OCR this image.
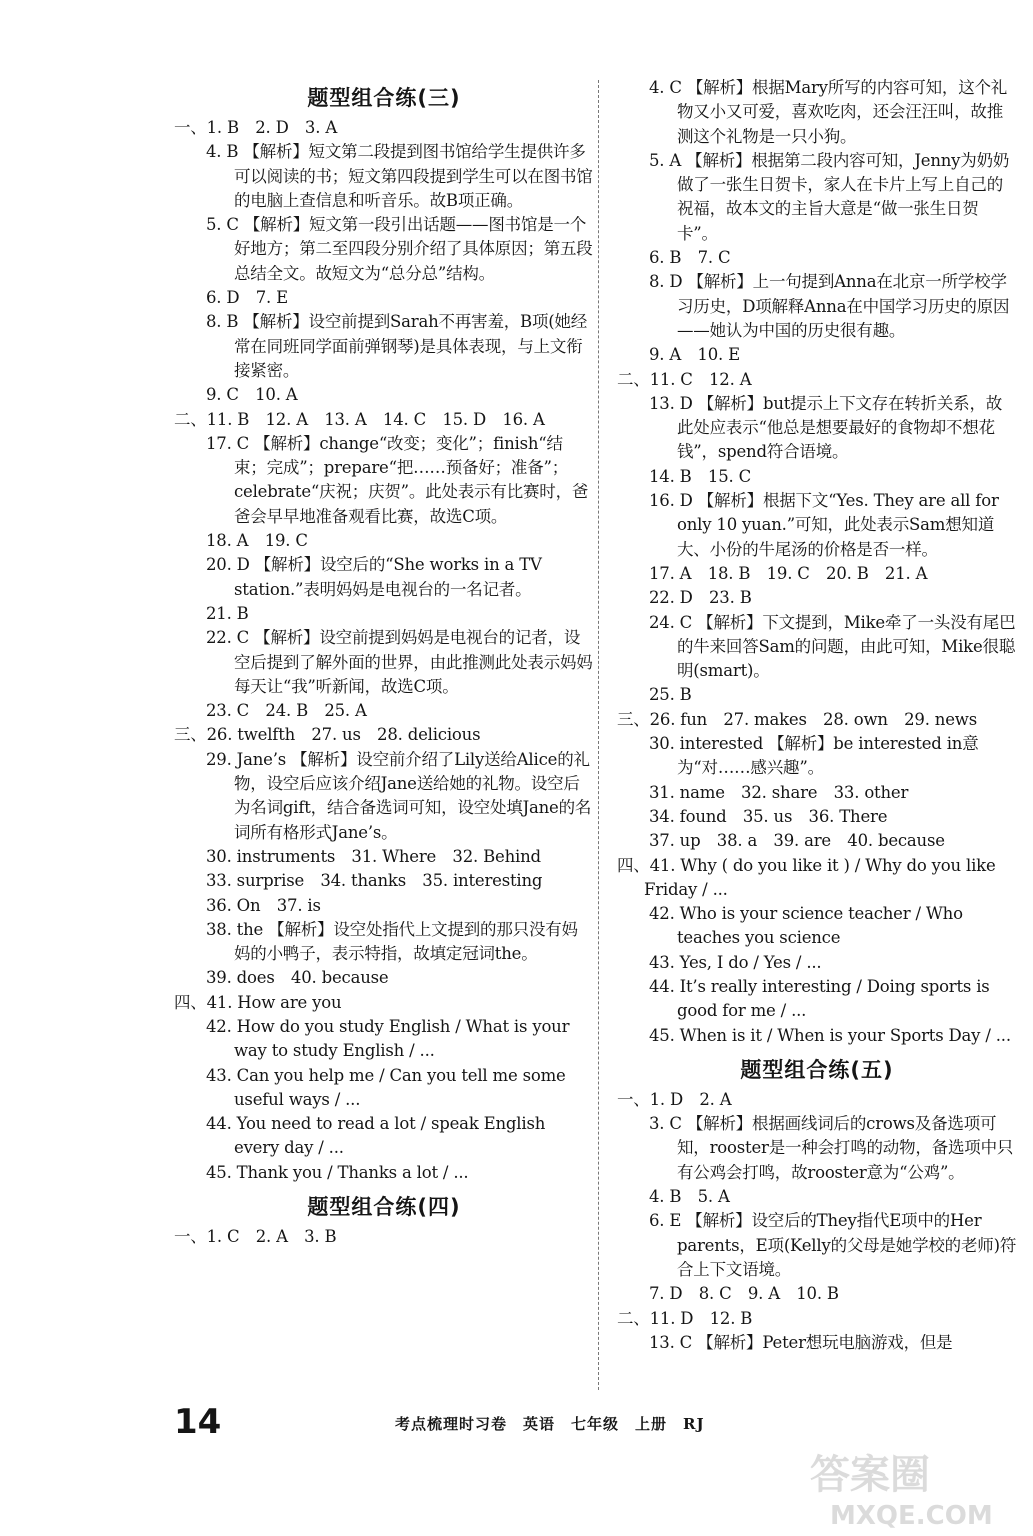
题型组合练(三)
一、1. B　2. D　3. A
4. B 【解析】短文第二段提到图书馆给学生提供许多可以阅读的书；短文第四段提到学生可以在图书馆的电脑上查信息和听音乐。故B项正确。
5. C 【解析】短文第一段引出话题——图书馆是一个好地方；第二至四段分别介绍了具体原因；第五段总结全文。故短文为“总分总”结构。
6. D　7. E
8. B 【解析】设空前提到Sarah不再害羞，B项(她经常在同班同学面前弹钢琴)是具体表现，与上文衔接紧密。
9. C　10. A
二、11. B　12. A　13. A　14. C　15. D　16. A
17. C 【解析】change“改变；变化”；finish“结束；完成”；prepare“把……预备好；准备”；celebrate“庆祝；庆贺”。此处表示有比赛时，爸爸会早早地准备观看比赛，故选C项。
18. A　19. C
20. D 【解析】设空后的“She works in a TV station.”表明妈妈是电视台的一名记者。
21. B
22. C 【解析】设空前提到妈妈是电视台的记者，设空后提到了解外面的世界，由此推测此处表示妈妈每天让“我”听新闻，故选C项。
23. C　24. B　25. A
三、26. twelfth　27. us　28. delicious
29. Jane’s 【解析】设空前介绍了Lily送给Alice的礼物，设空后应该介绍Jane送给她的礼物。设空后为名词gift，结合备选词可知，设空处填Jane的名词所有格形式Jane’s。
30. instruments　31. Where　32. Behind
33. surprise　34. thanks　35. interesting
36. On　37. is
38. the 【解析】设空处指代上文提到的那只没有妈妈的小鸭子，表示特指，故填定冠词the。
39. does　40. because
四、41. How are you
42. How do you study English / What is your way to study English / ...
43. Can you help me / Can you tell me some useful ways / ...
44. You need to read a lot / speak English every day / ...
45. Thank you / Thanks a lot / ...
题型组合练(四)
一、1. C　2. A　3. B
4. C 【解析】根据Mary所写的内容可知，这个礼物又小又可爱，喜欢吃肉，还会汪汪叫，故推测这个礼物是一只小狗。
5. A 【解析】根据第二段内容可知，Jenny为奶奶做了一张生日贺卡，家人在卡片上写上自己的祝福，故本文的主旨大意是“做一张生日贺卡”。
6. B　7. C
8. D 【解析】上一句提到Anna在北京一所学校学习历史，D项解释Anna在中国学习历史的原因——她认为中国的历史很有趣。
9. A　10. E
二、11. C　12. A
13. D 【解析】but提示上下文存在转折关系，故此处应表示“他总是想要最好的食物却不想花钱”，spend符合语境。
14. B　15. C
16. D 【解析】根据下文“Yes. They are all for only 10 yuan.”可知，此处表示Sam想知道大、小份的牛尾汤的价格是否一样。
17. A　18. B　19. C　20. B　21. A
22. D　23. B
24. C 【解析】下文提到，Mike牵了一头没有尾巴的牛来回答Sam的问题，由此可知，Mike很聪明(smart)。
25. B
三、26. fun　27. makes　28. own　29. news
30. interested 【解析】be interested in意为“对……感兴趣”。
31. name　32. share　33. other
34. found　35. us　36. There
37. up　38. a　39. are　40. because
四、41. Why ( do you like it ) / Why do you like Friday / ...
42. Who is your science teacher / Who teaches you science
43. Yes, I do / Yes / ...
44. It’s really interesting / Doing sports is good for me / ...
45. When is it / When is your Sports Day / ...
题型组合练(五)
一、1. D　2. A
3. C 【解析】根据画线词后的crows及备选项可知，rooster是一种会打鸣的动物，备选项中只有公鸡会打鸣，故rooster意为“公鸡”。
4. B　5. A
6. E 【解析】设空后的They指代E项中的Her parents，E项(Kelly的父母是她学校的老师)符合上下文语境。
7. D　8. C　9. A　10. B
二、11. D　12. B
13. C 【解析】Peter想玩电脑游戏，但是
14	考点梳理时习卷　英语　七年级　上册　RJ
答案圈
MXQE.COM
